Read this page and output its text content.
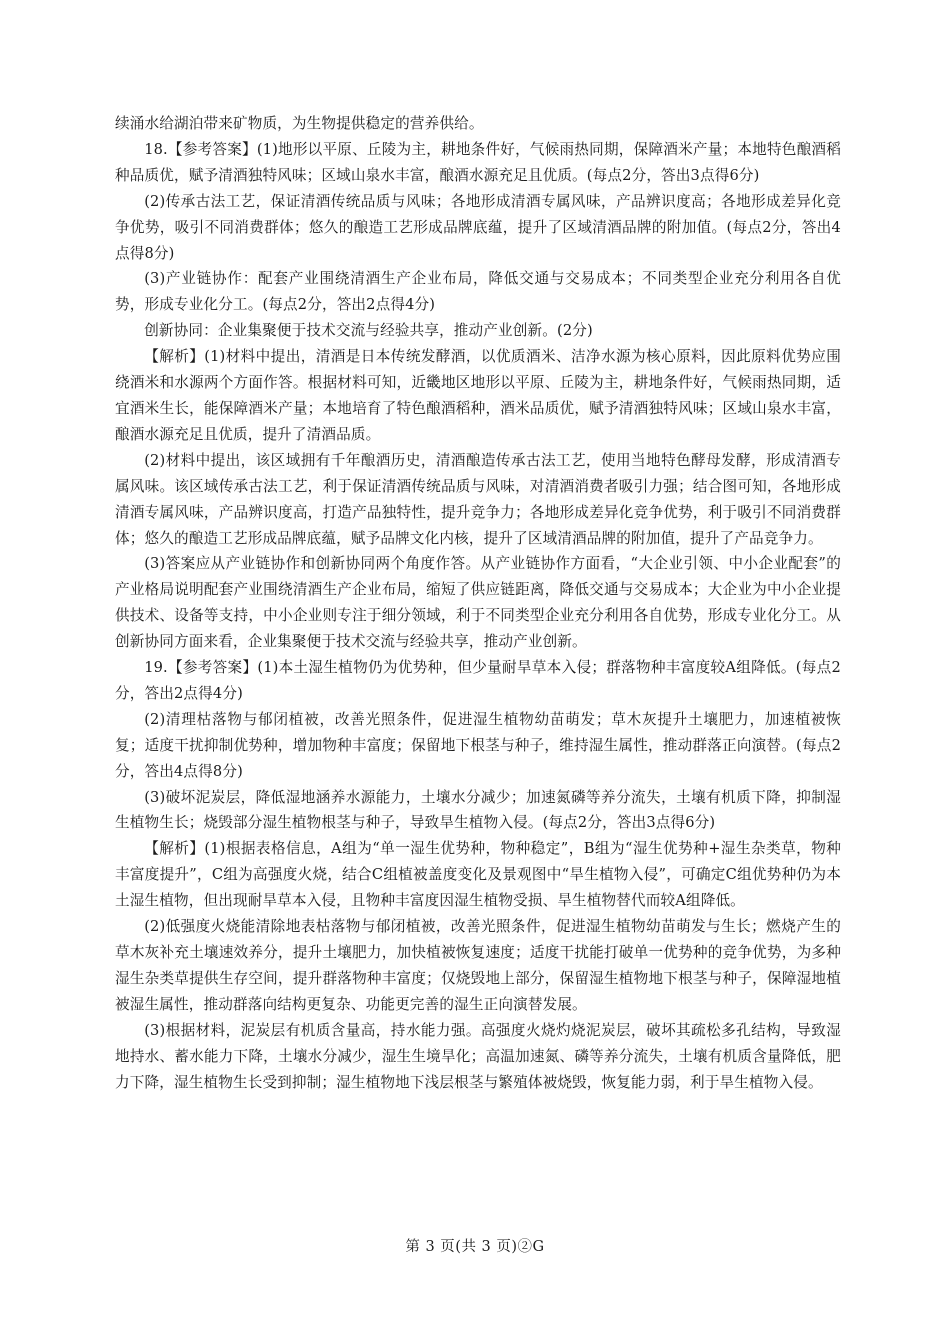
续涌水给湖泊带来矿物质，为生物提供稳定的营养供给。

18.【参考答案】(1)地形以平原、丘陵为主，耕地条件好，气候雨热同期，保障酒米产量；本地特色酿酒稻种品质优，赋予清酒独特风味；区域山泉水丰富，酿酒水源充足且优质。(每点2分，答出3点得6分)

(2)传承古法工艺，保证清酒传统品质与风味；各地形成清酒专属风味，产品辨识度高；各地形成差异化竞争优势，吸引不同消费群体；悠久的酿造工艺形成品牌底蕴，提升了区域清酒品牌的附加值。(每点2分，答出4点得8分)

(3)产业链协作：配套产业围绕清酒生产企业布局，降低交通与交易成本；不同类型企业充分利用各自优势，形成专业化分工。(每点2分，答出2点得4分)

创新协同：企业集聚便于技术交流与经验共享，推动产业创新。(2分)

【解析】(1)材料中提出，清酒是日本传统发酵酒，以优质酒米、洁净水源为核心原料，因此原料优势应围绕酒米和水源两个方面作答。根据材料可知，近畿地区地形以平原、丘陵为主，耕地条件好，气候雨热同期，适宜酒米生长，能保障酒米产量；本地培育了特色酿酒稻种，酒米品质优，赋予清酒独特风味；区域山泉水丰富，酿酒水源充足且优质，提升了清酒品质。

(2)材料中提出，该区域拥有千年酿酒历史，清酒酿造传承古法工艺，使用当地特色酵母发酵，形成清酒专属风味。该区域传承古法工艺，利于保证清酒传统品质与风味，对清酒消费者吸引力强；结合图可知，各地形成清酒专属风味，产品辨识度高，打造产品独特性，提升竞争力；各地形成差异化竞争优势，利于吸引不同消费群体；悠久的酿造工艺形成品牌底蕴，赋予品牌文化内核，提升了区域清酒品牌的附加值，提升了产品竞争力。

(3)答案应从产业链协作和创新协同两个角度作答。从产业链协作方面看，“大企业引领、中小企业配套”的产业格局说明配套产业围绕清酒生产企业布局，缩短了供应链距离，降低交通与交易成本；大企业为中小企业提供技术、设备等支持，中小企业则专注于细分领域，利于不同类型企业充分利用各自优势，形成专业化分工。从创新协同方面来看，企业集聚便于技术交流与经验共享，推动产业创新。

19.【参考答案】(1)本土湿生植物仍为优势种，但少量耐旱草本入侵；群落物种丰富度较A组降低。(每点2分，答出2点得4分)

(2)清理枯落物与郁闭植被，改善光照条件，促进湿生植物幼苗萌发；草木灰提升土壤肥力，加速植被恢复；适度干扰抑制优势种，增加物种丰富度；保留地下根茎与种子，维持湿生属性，推动群落正向演替。(每点2分，答出4点得8分)

(3)破坏泥炭层，降低湿地涵养水源能力，土壤水分减少；加速氮磷等养分流失，土壤有机质下降，抑制湿生植物生长；烧毁部分湿生植物根茎与种子，导致旱生植物入侵。(每点2分，答出3点得6分)

【解析】(1)根据表格信息，A组为“单一湿生优势种，物种稳定”，B组为“湿生优势种+湿生杂类草，物种丰富度提升”，C组为高强度火烧，结合C组植被盖度变化及景观图中“旱生植物入侵”，可确定C组优势种仍为本土湿生植物，但出现耐旱草本入侵，且物种丰富度因湿生植物受损、旱生植物替代而较A组降低。

(2)低强度火烧能清除地表枯落物与郁闭植被，改善光照条件，促进湿生植物幼苗萌发与生长；燃烧产生的草木灰补充土壤速效养分，提升土壤肥力，加快植被恢复速度；适度干扰能打破单一优势种的竞争优势，为多种湿生杂类草提供生存空间，提升群落物种丰富度；仅烧毁地上部分，保留湿生植物地下根茎与种子，保障湿地植被湿生属性，推动群落向结构更复杂、功能更完善的湿生正向演替发展。

(3)根据材料，泥炭层有机质含量高，持水能力强。高强度火烧灼烧泥炭层，破坏其疏松多孔结构，导致湿地持水、蓄水能力下降，土壤水分减少，湿生生境旱化；高温加速氮、磷等养分流失，土壤有机质含量降低，肥力下降，湿生植物生长受到抑制；湿生植物地下浅层根茎与繁殖体被烧毁，恢复能力弱，利于旱生植物入侵。

第 3 页(共 3 页)②G
